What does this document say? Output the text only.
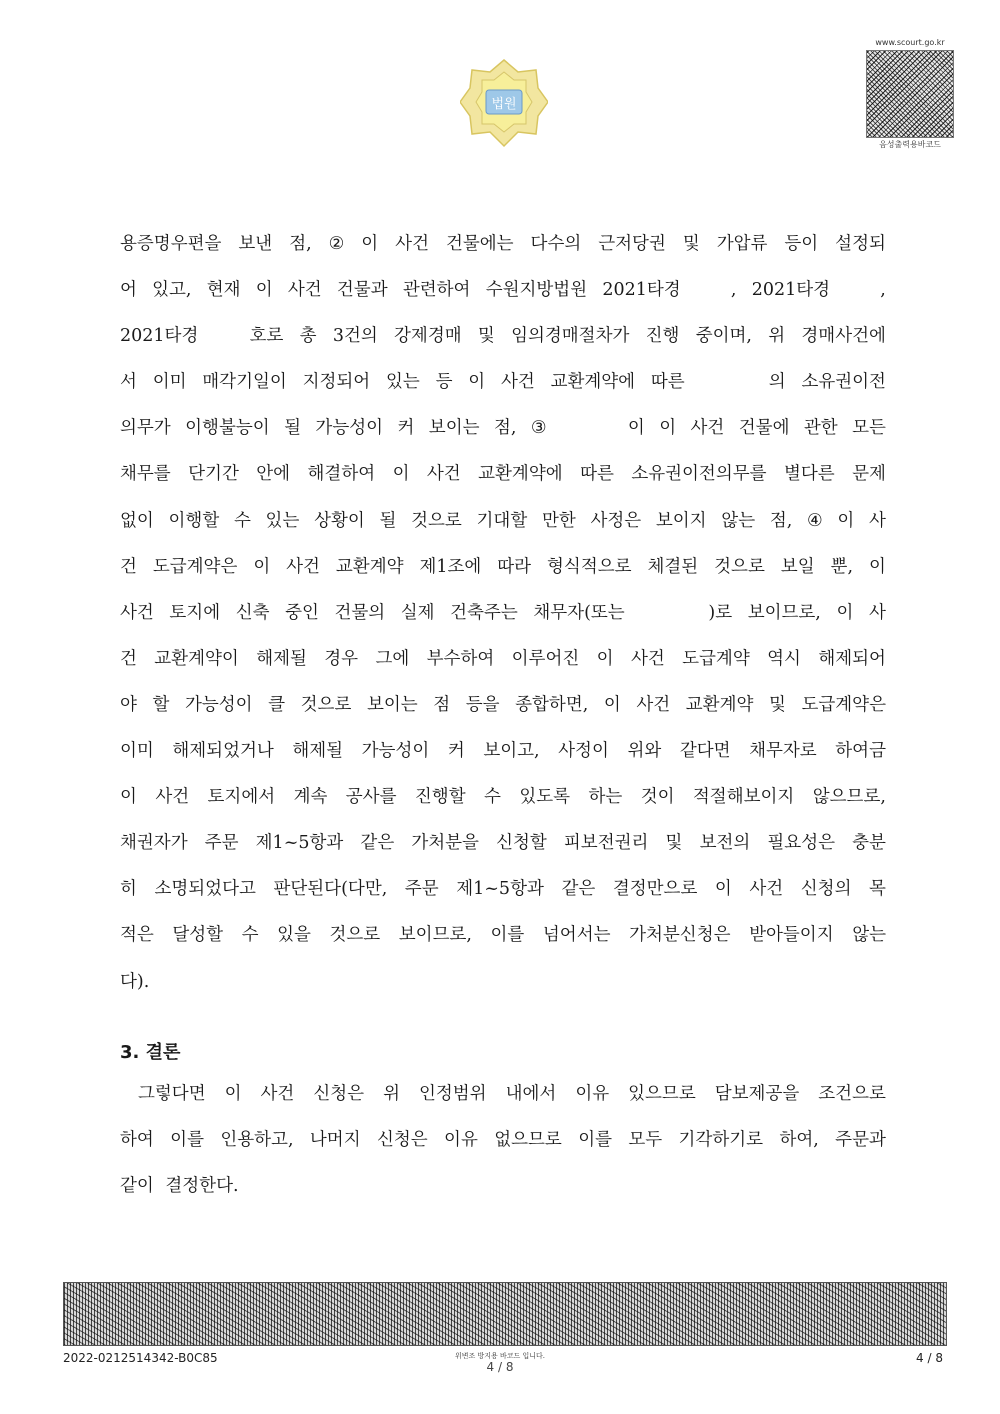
법원
www.scourt.go.kr
음성출력용바코드
용증명우편을 보낸 점, ② 이 사건 건물에는 다수의 근저당권 및 가압류 등이 설정되
어 있고, 현재 이 사건 건물과 관련하여 수원지방법원 2021타경 　　, 2021타경 　　,
2021타경 　　호로 총 3건의 강제경매 및 임의경매절차가 진행 중이며, 위 경매사건에
서 이미 매각기일이 지정되어 있는 등 이 사건 교환계약에 따른
　　　	의 소유권이전
의무가 이행불능이 될 가능성이 커 보이는 점, ③
　　　	이 이 사건 건물에 관한 모든
채무를 단기간 안에 해결하여 이 사건 교환계약에 따른 소유권이전의무를 별다른 문제
없이 이행할 수 있는 상황이 될 것으로 기대할 만한 사정은 보이지 않는 점, ④ 이 사
건 도급계약은 이 사건 교환계약 제1조에 따라 형식적으로 체결된 것으로 보일 뿐, 이
사건 토지에 신축 중인 건물의 실제 건축주는 채무자(또는
　　　	)로 보이므로, 이 사
건 교환계약이 해제될 경우 그에 부수하여 이루어진 이 사건 도급계약 역시 해제되어
야 할 가능성이 클 것으로 보이는 점 등을 종합하면, 이 사건 교환계약 및 도급계약은
이미 해제되었거나 해제될 가능성이 커 보이고, 사정이 위와 같다면 채무자로 하여금
이 사건 토지에서 계속 공사를 진행할 수 있도록 하는 것이 적절해보이지 않으므로,
채권자가 주문 제1~5항과 같은 가처분을 신청할 피보전권리 및 보전의 필요성은 충분
히 소명되었다고 판단된다(다만, 주문 제1~5항과 같은 결정만으로 이 사건 신청의 목
적은 달성할 수 있을 것으로 보이므로, 이를 넘어서는 가처분신청은 받아들이지 않는
다).
3. 결론
그렇다면 이 사건 신청은 위 인정범위 내에서 이유 있으므로 담보제공을 조건으로
하여 이를 인용하고, 나머지 신청은 이유 없으므로 이를 모두 기각하기로 하여, 주문과
같이 결정한다.
2022-0212514342-B0C85	위변조 방지용 바코드 입니다.
4 / 8
4 / 8
